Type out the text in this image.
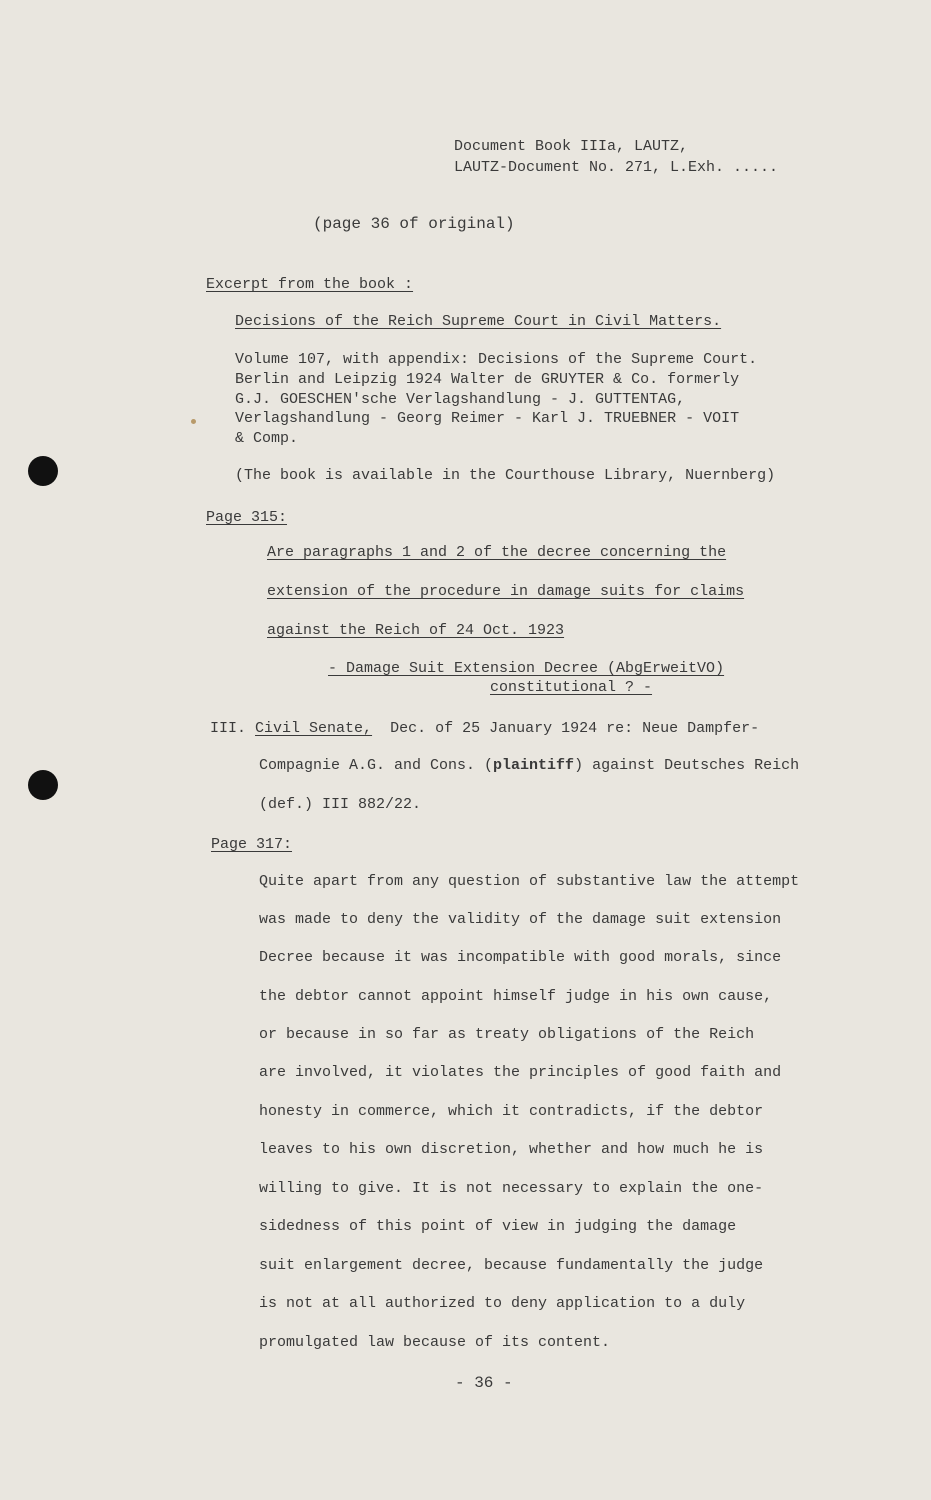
Document Book IIIa, LAUTZ,
LAUTZ-Document No. 271, L.Exh. .....
(page 36 of original)
Excerpt from the book :
Decisions of the Reich Supreme Court in Civil Matters.
Volume 107, with appendix: Decisions of the Supreme Court.
Berlin and Leipzig 1924 Walter de GRUYTER & Co. formerly
G.J. GOESCHEN'sche Verlagshandlung - J. GUTTENTAG,
Verlagshandlung - Georg Reimer - Karl J. TRUEBNER - VOIT
& Comp.
(The book is available in the Courthouse Library, Nuernberg)
Page 315:
Are paragraphs 1 and 2 of the decree concerning the
extension of the procedure in damage suits for claims
against the Reich of 24 Oct. 1923
- Damage Suit Extension Decree (AbgErweitVO)
constitutional ? -
III. Civil Senate, Dec. of 25 January 1924 re: Neue Dampfer-
Compagnie A.G. and Cons. (plaintiff) against Deutsches Reich
(def.) III 882/22.
Page 317:
Quite apart from any question of substantive law the attempt
was made to deny the validity of the damage suit extension
Decree because it was incompatible with good morals, since
the debtor cannot appoint himself judge in his own cause,
or because in so far as treaty obligations of the Reich
are involved, it violates the principles of good faith and
honesty in commerce, which it contradicts, if the debtor
leaves to his own discretion, whether and how much he is
willing to give. It is not necessary to explain the one-
sidedness of this point of view in judging the damage
suit enlargement decree, because fundamentally the judge
is not at all authorized to deny application to a duly
promulgated law because of its content.
- 36 -
